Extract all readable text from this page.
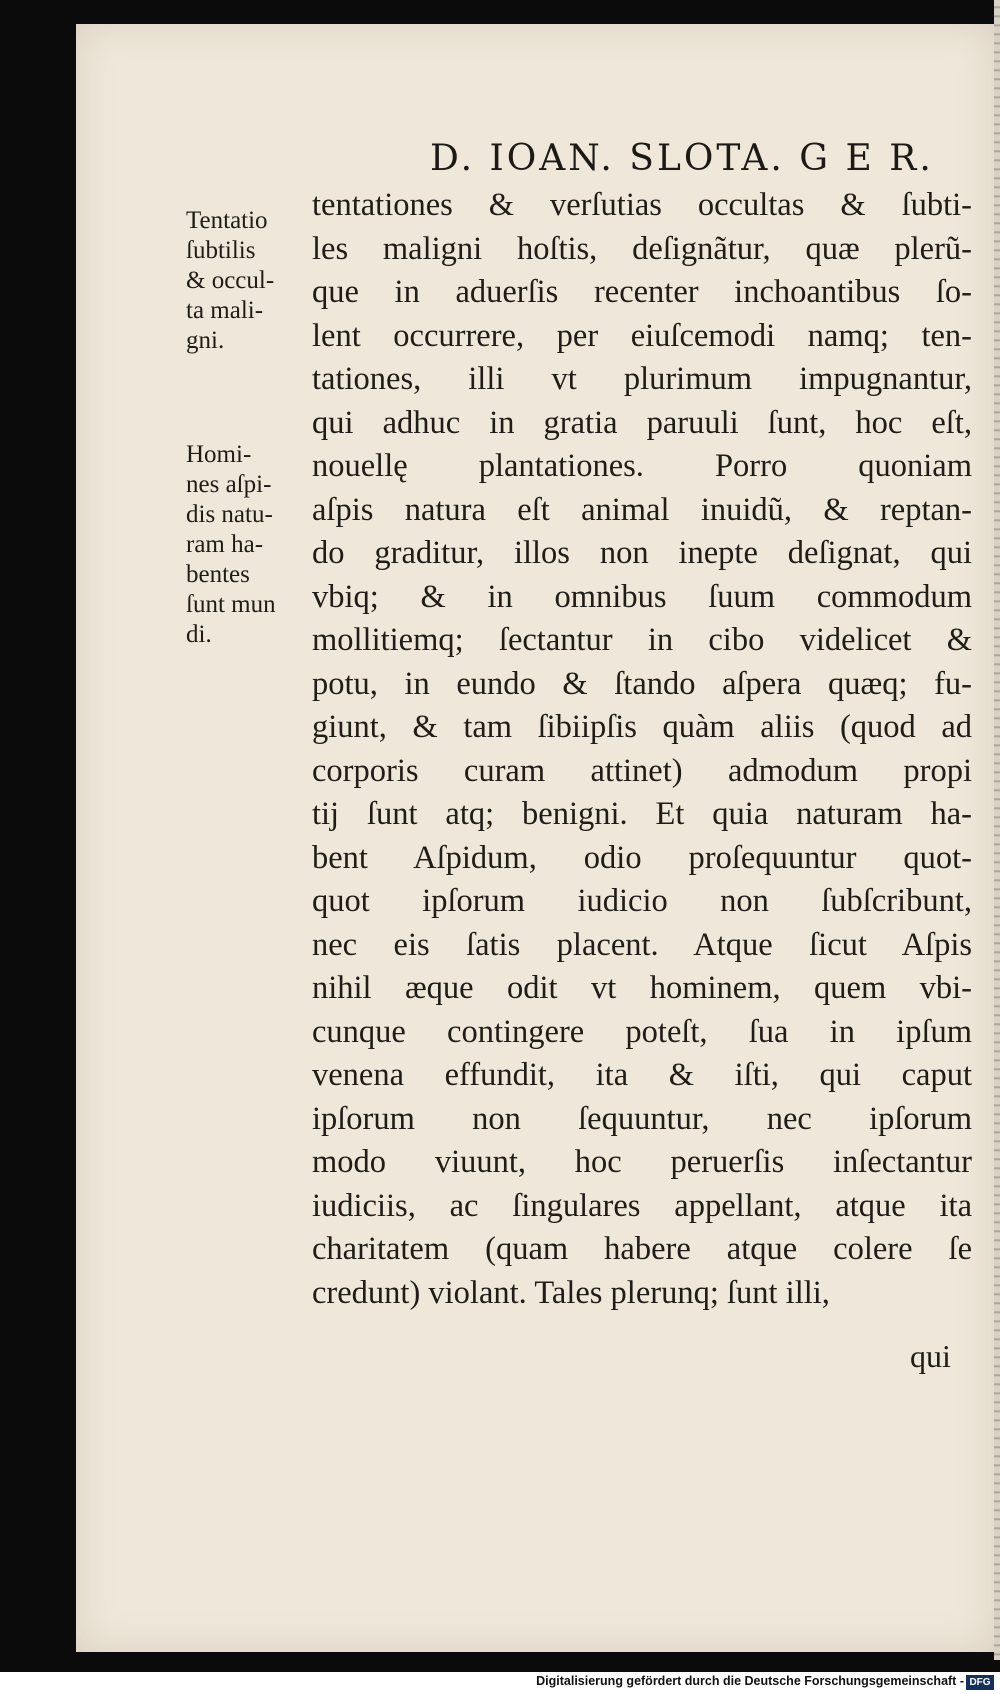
D. IOAN. SLOTA. G E R.
Tentatio
ſubtilis
& occul-
ta mali-
gni.
Homi-
nes aſpi-
dis natu-
ram ha-
bentes
ſunt mun
di.
tentationes & verſutias occultas & ſubti-
les maligni hoſtis, deſignãtur, quæ plerũ-
que in aduerſis recenter inchoantibus ſo-
lent occurrere, per eiuſcemodi namq; ten-
tationes, illi vt plurimum impugnantur,
qui adhuc in gratia paruuli ſunt, hoc eſt,
nouellę plantationes. Porro quoniam
aſpis natura eſt animal inuidũ, & reptan-
do graditur, illos non inepte deſignat, qui
vbiq; & in omnibus ſuum commodum
mollitiemq; ſectantur in cibo videlicet &
potu, in eundo & ſtando aſpera quæq; fu-
giunt, & tam ſibiipſis quàm aliis (quod ad
corporis curam attinet) admodum propi
tij ſunt atq; benigni. Et quia naturam ha-
bent Aſpidum, odio proſequuntur quot-
quot ipſorum iudicio non ſubſcribunt,
nec eis ſatis placent. Atque ſicut Aſpis
nihil æque odit vt hominem, quem vbi-
cunque contingere poteſt, ſua in ipſum
venena effundit, ita & iſti, qui caput
ipſorum non ſequuntur, nec ipſorum
modo viuunt, hoc peruerſis inſectantur
iudiciis, ac ſingulares appellant, atque ita
charitatem (quam habere atque colere ſe
credunt) violant. Tales plerunq; ſunt illi,
qui
Digitalisierung gefördert durch die Deutsche Forschungsgemeinschaft - DFG
